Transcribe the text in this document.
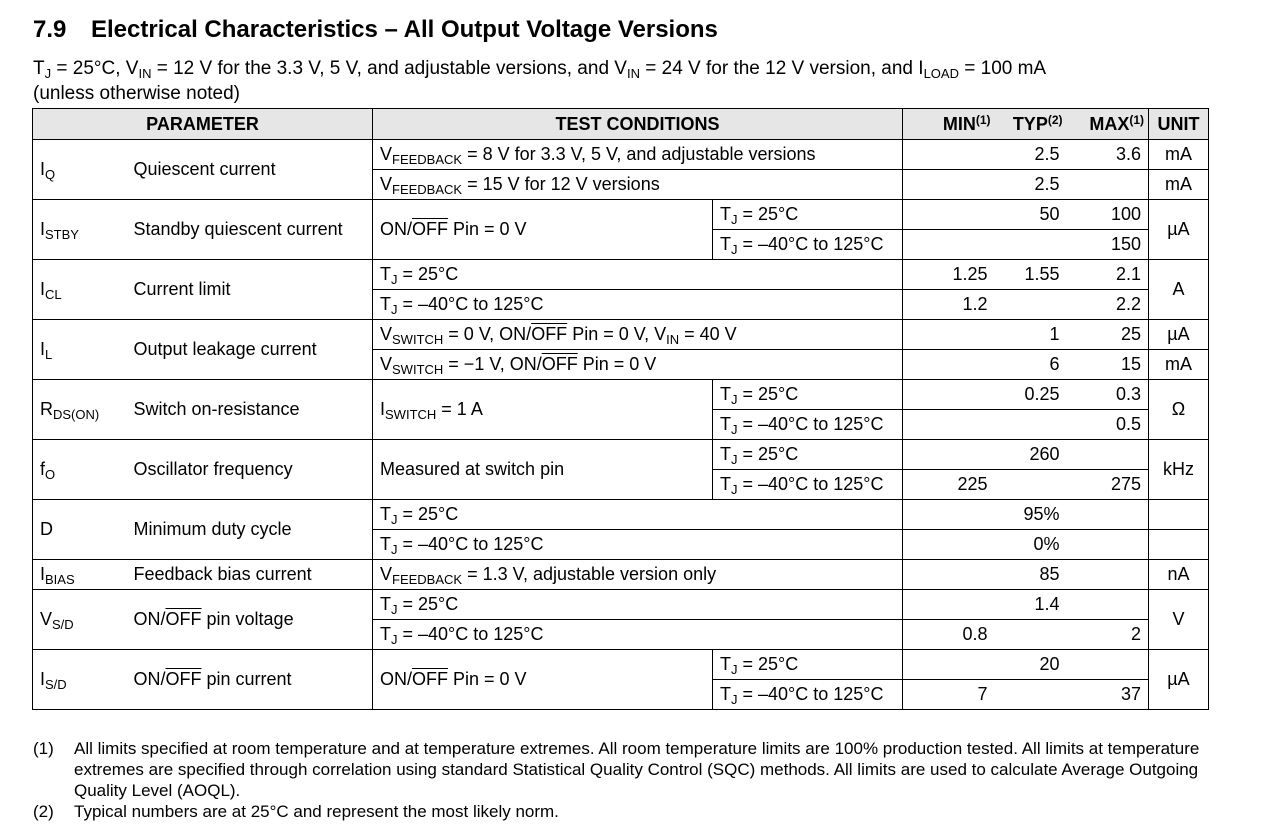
7.9 Electrical Characteristics – All Output Voltage Versions
$T_J = 25^\circ C$, $V_{IN} = 12$ V for the 3.3 V, 5 V, and adjustable versions, and $V_{IN} = 24$ V for the 12 V version, and $I_{LOAD} = 100$ mA
(unless otherwise noted)
PARAMETER		TEST CONDITIONS		MIN$^{(1)}$	TYP$^{(2)}$	MAX$^{(1)}$	UNIT
$I_Q$	Quiescent current	$V_{FEEDBACK} = 8$ V for 3.3 V, 5 V, and adjustable versions			2.5	3.6	mA
		$V_{FEEDBACK} = 15$ V for 12 V versions			2.5		mA
$I_{STBY}$	Standby quiescent current	$ON/\overline{OFF}$ Pin = 0 V	$T_J = 25^\circ C$		50	100	µA
			$T_J = -40^\circ C$ to 125°C			150	
$I_{CL}$	Current limit	$T_J = 25^\circ C$		1.25	1.55	2.1	A
		$T_J = -40^\circ C$ to 125°C		1.2		2.2	
$I_L$	Output leakage current	$V_{SWITCH} = 0$ V, $ON/\overline{OFF}$ Pin = 0 V, $V_{IN} = 40$ V			1	25	µA
		$V_{SWITCH} = -1$ V, $ON/\overline{OFF}$ Pin = 0 V			6	15	mA
$R_{DS(ON)}$	Switch on-resistance	$I_{SWITCH} = 1$ A	$T_J = 25^\circ C$		0.25	0.3	Ω
			$T_J = -40^\circ C$ to 125°C			0.5	
$f_O$	Oscillator frequency	Measured at switch pin	$T_J = 25^\circ C$		260		kHz
			$T_J = -40^\circ C$ to 125°C	225		275	
D	Minimum duty cycle	$T_J = 25^\circ C$			95%		
		$T_J = -40^\circ C$ to 125°C			0%		
$I_{BIAS}$	Feedback bias current	$V_{FEEDBACK} = 1.3$ V, adjustable version only			85		nA
$V_{S/D}$	$ON/\overline{OFF}$ pin voltage	$T_J = 25^\circ C$			1.4		V
		$T_J = -40^\circ C$ to 125°C		0.8		2	
$I_{S/D}$	$ON/\overline{OFF}$ pin current	$ON/\overline{OFF}$ Pin = 0 V	$T_J = 25^\circ C$		20		µA
			$T_J = -40^\circ C$ to 125°C	7		37	
(1) All limits specified at room temperature and at temperature extremes. All room temperature limits are 100% production tested. All limits at temperature extremes are specified through correlation using standard Statistical Quality Control (SQC) methods. All limits are used to calculate Average Outgoing Quality Level (AOQL).
(2) Typical numbers are at 25°C and represent the most likely norm.
